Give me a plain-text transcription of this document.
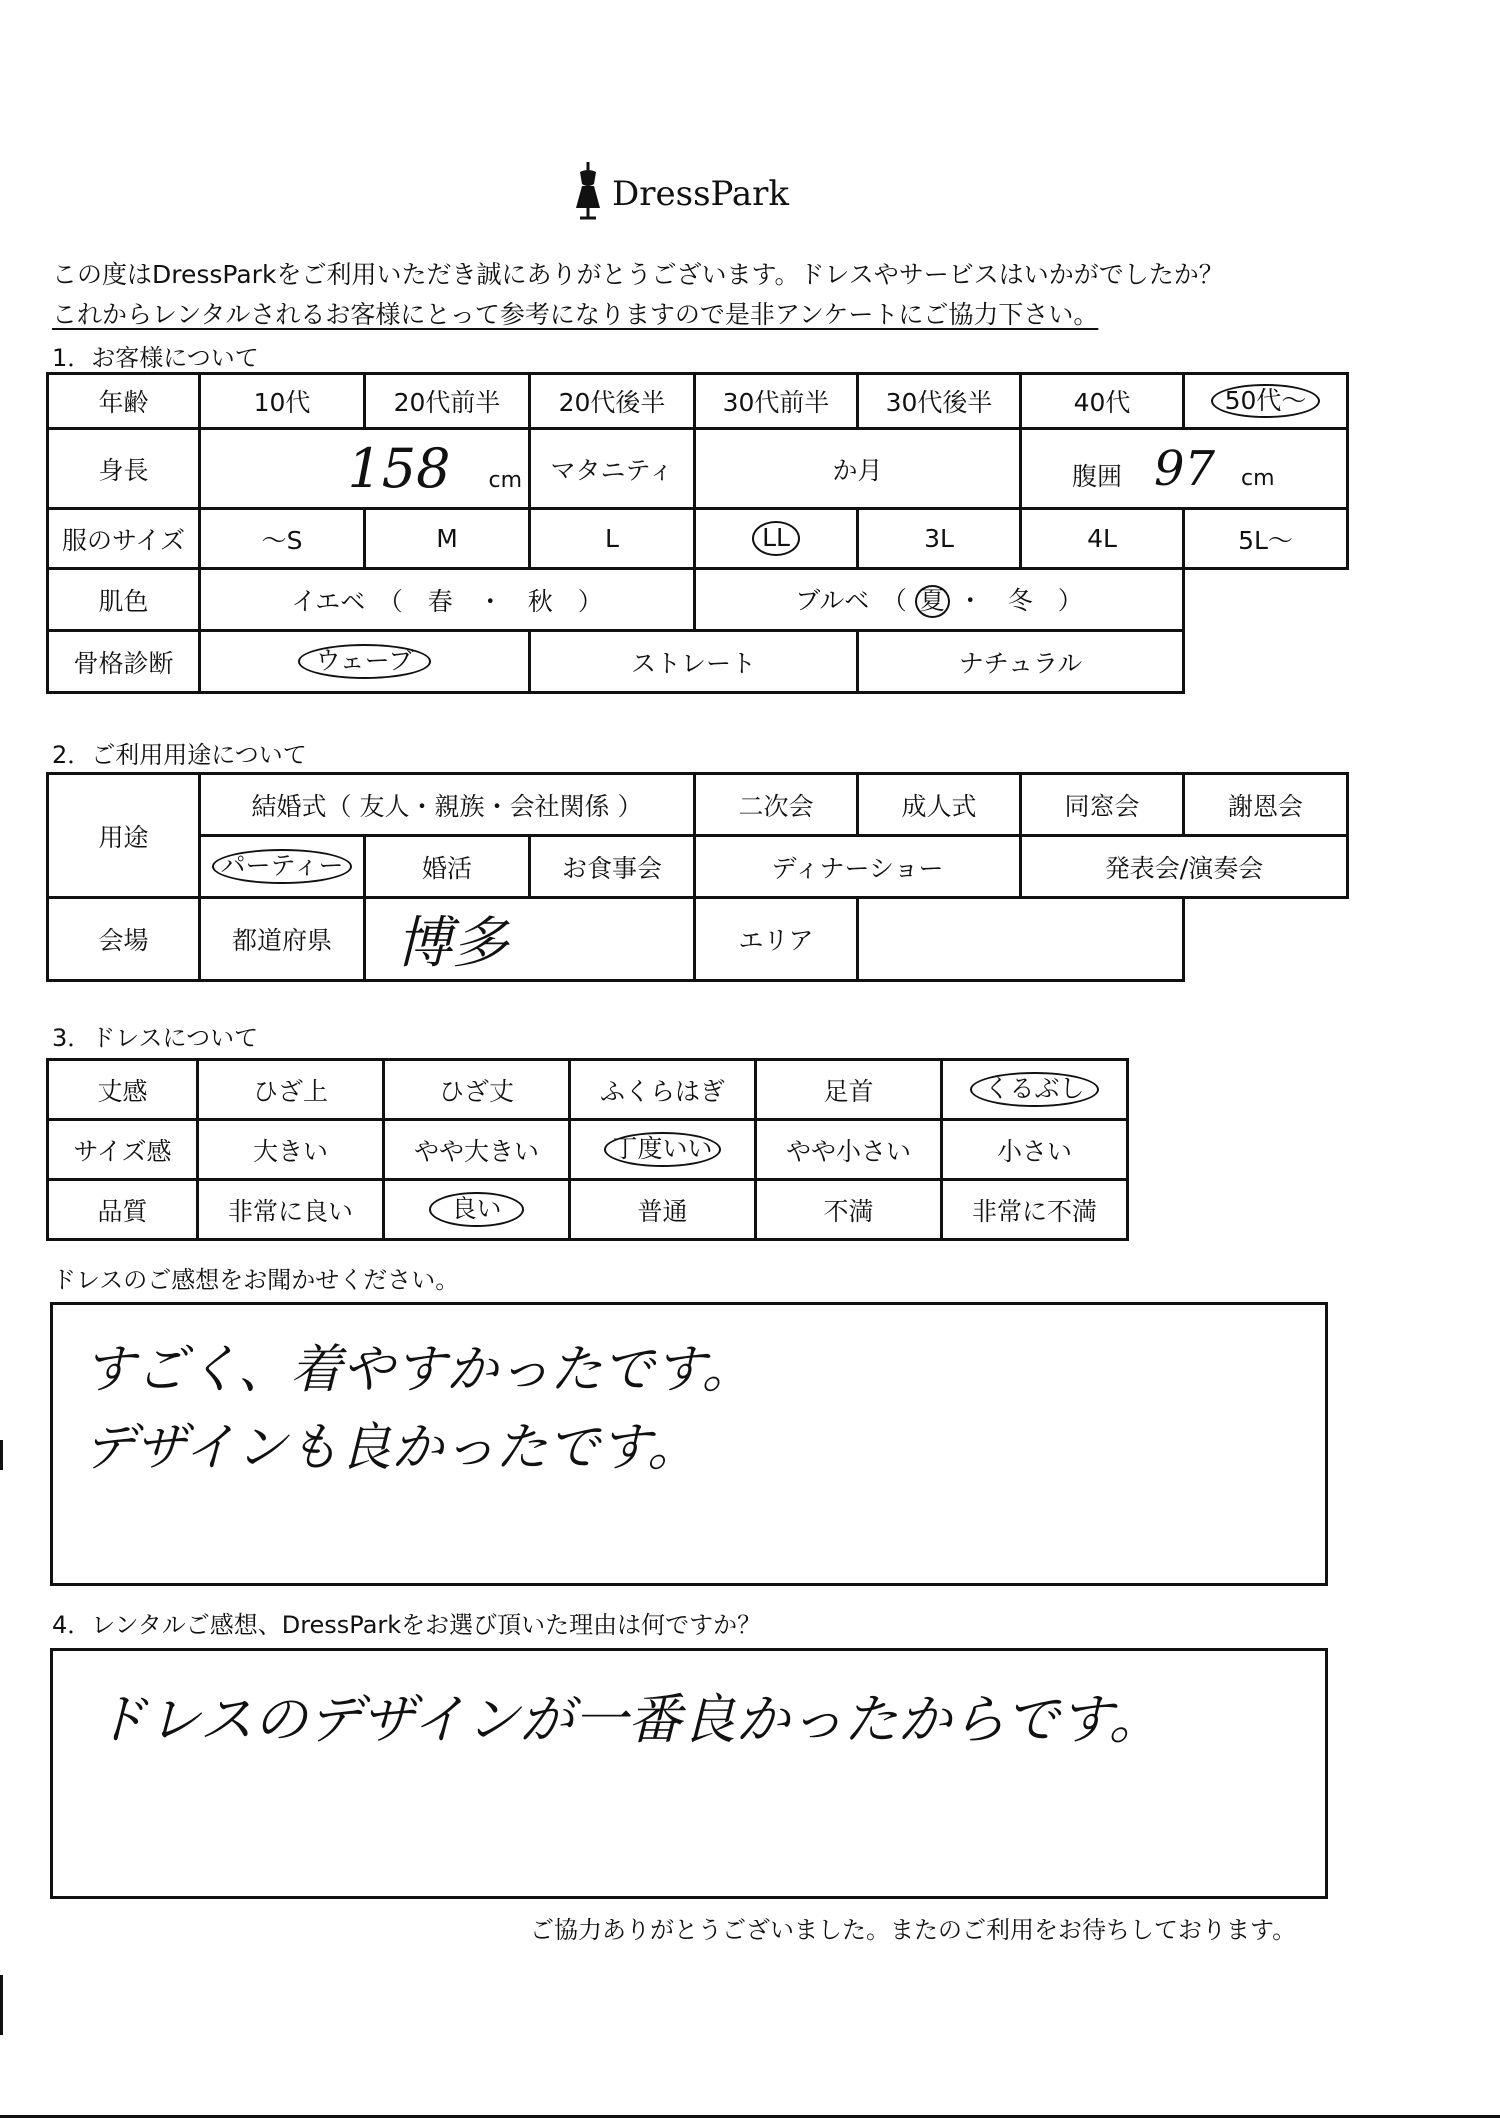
DressPark
この度はDressParkをご利用いただき誠にありがとうございます。ドレスやサービスはいかがでしたか？
これからレンタルされるお客様にとって参考になりますので是非アンケートにご協力下さい。
1．お客様について
年齢	10代	20代前半	20代後半	30代前半	30代後半	40代	50代〜
身長	158 cm		マタニティ	か月		腹囲 97 cm	
服のサイズ	〜S	M	L	LL	3L	4L	5L〜
肌色	イエベ　（　春　・　秋　）			ブルベ　（ 夏 ・　冬　）			
骨格診断	ウェーブ		ストレート		ナチュラル		
2．ご利用用途について
用途	結婚式（ 友人・親族・会社関係 ）			二次会	成人式	同窓会	謝恩会
	パーティー	婚活	お食事会	ディナーショー		発表会/演奏会	
会場	都道府県	博多		エリア			
3．ドレスについて
丈感	ひざ上	ひざ丈	ふくらはぎ	足首	くるぶし
サイズ感	大きい	やや大きい	丁度いい	やや小さい	小さい
品質	非常に良い	良い	普通	不満	非常に不満
ドレスのご感想をお聞かせください。
すごく、着やすかったです。
デザインも良かったです。
4．レンタルご感想、DressParkをお選び頂いた理由は何ですか？
ドレスのデザインが一番良かったからです。
ご協力ありがとうございました。またのご利用をお待ちしております。
